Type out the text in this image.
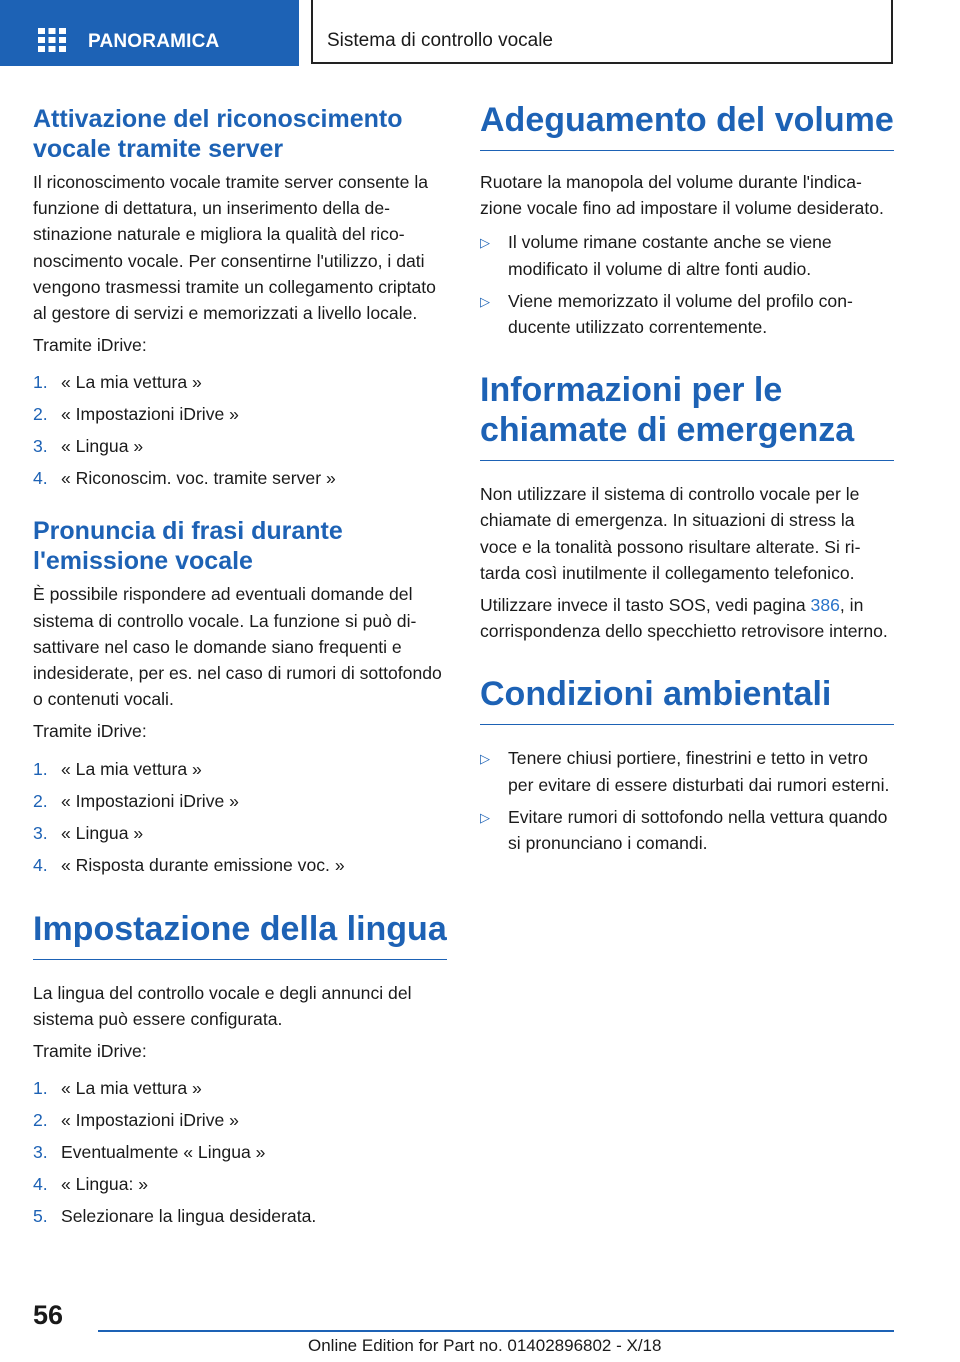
PANORAMICA	Sistema di controllo vocale
Attivazione del riconoscimento vocale tramite server

Il riconoscimento vocale tramite server consente la funzione di dettatura, un inserimento della destinazione naturale e migliora la qualità del riconoscimento vocale. Per consentirne l'utilizzo, i dati vengono trasmessi tramite un collegamento criptato al gestore di servizi e memorizzati a livello locale.

Tramite iDrive:

1. « La mia vettura »
2. « Impostazioni iDrive »
3. « Lingua »
4. « Riconoscim. voc. tramite server »
Pronuncia di frasi durante l'emissione vocale

È possibile rispondere ad eventuali domande del sistema di controllo vocale. La funzione si può disattivare nel caso le domande siano frequenti e indesiderate, per es. nel caso di rumori di sottofondo o contenuti vocali.

Tramite iDrive:

1. « La mia vettura »
2. « Impostazioni iDrive »
3. « Lingua »
4. « Risposta durante emissione voc. »
Impostazione della lingua

La lingua del controllo vocale e degli annunci del sistema può essere configurata.

Tramite iDrive:

1. « La mia vettura »
2. « Impostazioni iDrive »
3. Eventualmente « Lingua »
4. « Lingua: »
5. Selezionare la lingua desiderata.
Adeguamento del volume

Ruotare la manopola del volume durante l'indicazione vocale fino ad impostare il volume desiderato.

▷	Il volume rimane costante anche se viene modificato il volume di altre fonti audio.
▷	Viene memorizzato il volume del profilo conducente utilizzato correntemente.
Informazioni per le chiamate di emergenza

Non utilizzare il sistema di controllo vocale per le chiamate di emergenza. In situazioni di stress la voce e la tonalità possono risultare alterate. Si ritarda così inutilmente il collegamento telefonico.

Utilizzare invece il tasto SOS, vedi pagina 386, in corrispondenza dello specchietto retrovisore interno.

Condizioni ambientali
▷	Tenere chiusi portiere, finestrini e tetto in vetro per evitare di essere disturbati dai rumori esterni.
▷	Evitare rumori di sottofondo nella vettura quando si pronunciano i comandi.
56
Online Edition for Part no. 01402896802 - X/18
